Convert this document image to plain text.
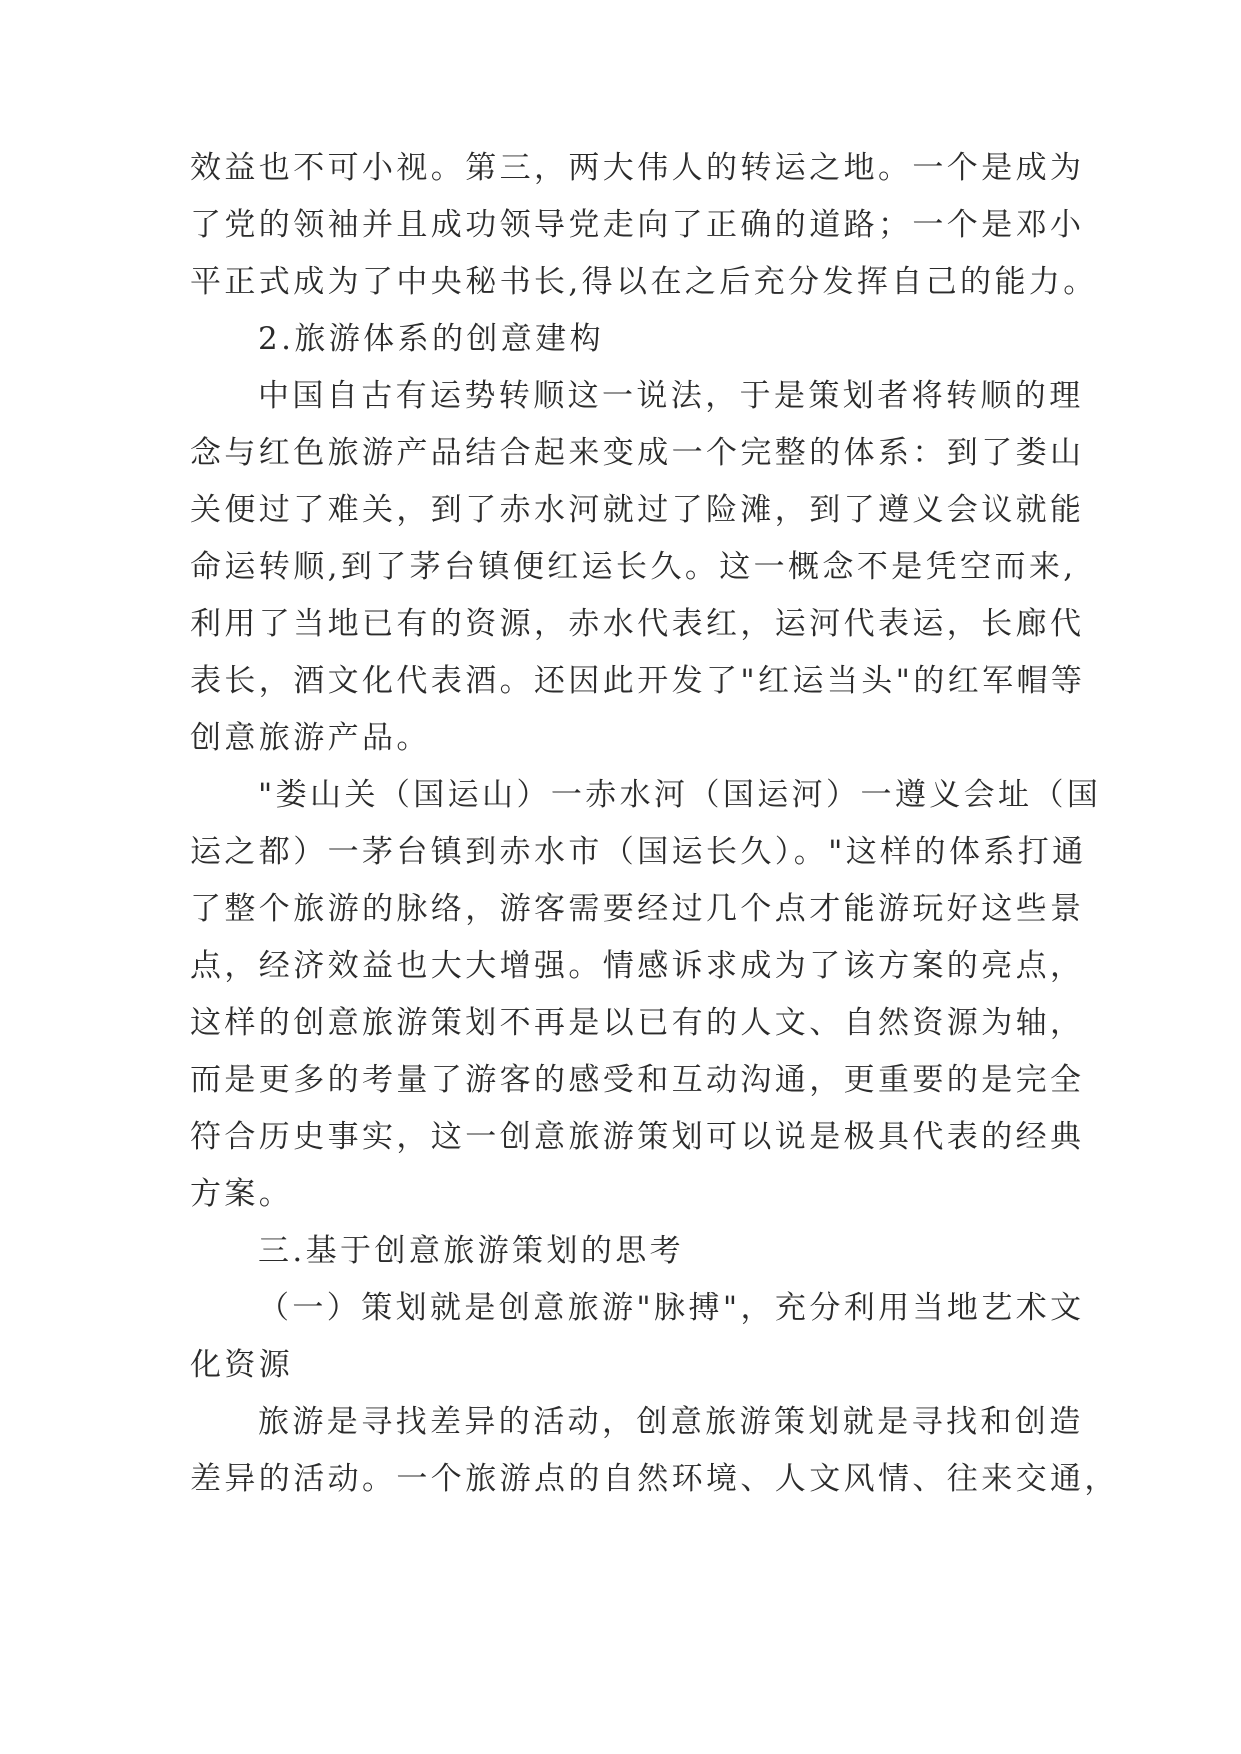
效益也不可小视。第三，两大伟人的转运之地。一个是成为
了党的领袖并且成功领导党走向了正确的道路；一个是邓小
平正式成为了中央秘书长,得以在之后充分发挥自己的能力。
2.旅游体系的创意建构
中国自古有运势转顺这一说法，于是策划者将转顺的理
念与红色旅游产品结合起来变成一个完整的体系：到了娄山
关便过了难关，到了赤水河就过了险滩，到了遵义会议就能
命运转顺,到了茅台镇便红运长久。这一概念不是凭空而来,
利用了当地已有的资源，赤水代表红，运河代表运，长廊代
表长，酒文化代表酒。还因此开发了"红运当头"的红军帽等
创意旅游产品。
"娄山关（国运山）一赤水河（国运河）一遵义会址（国
运之都）一茅台镇到赤水市（国运长久）。"这样的体系打通
了整个旅游的脉络，游客需要经过几个点才能游玩好这些景
点，经济效益也大大增强。情感诉求成为了该方案的亮点，
这样的创意旅游策划不再是以已有的人文、自然资源为轴，
而是更多的考量了游客的感受和互动沟通，更重要的是完全
符合历史事实，这一创意旅游策划可以说是极具代表的经典
方案。
三.基于创意旅游策划的思考
（一）策划就是创意旅游"脉搏"，充分利用当地艺术文
化资源
旅游是寻找差异的活动，创意旅游策划就是寻找和创造
差异的活动。一个旅游点的自然环境、人文风情、往来交通，
